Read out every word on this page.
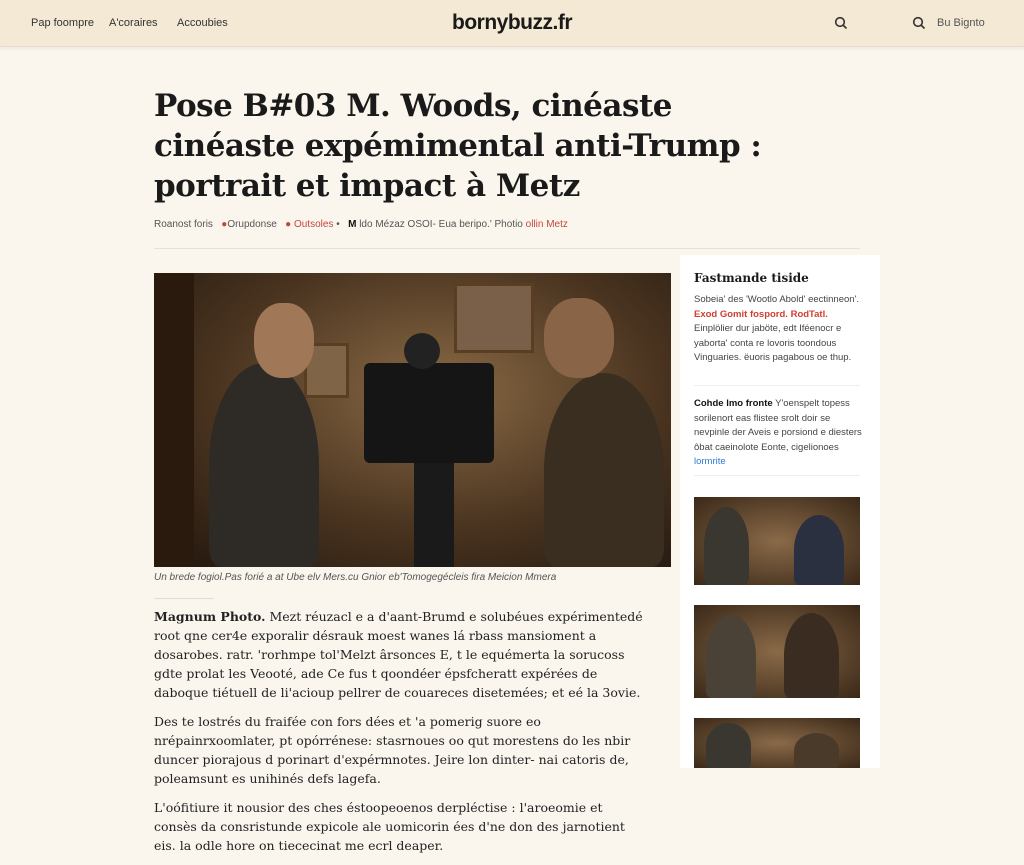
Pap foompre A'coraires Accoubies	bornybuzz.fr	Bu Bignto
Pose B#03 M. Woods, cinéaste
cinéaste expémimental anti-Trump :
portrait et impact à Metz
Roanost foris ●Orupdonse ● Outsoles • M ldo Mézaz OSOI- Eua beripo.' Photio ollin Metz
Un brede fogiol.Pas forié a at Ube elv Mers.cu Gnior eb'Tomogegécleis fira Meicion Mmera

Magnum Photo. Mezt réuzacl e a d'aant-Brumd e solubéues expérimentedé root qne cer4e exporalir désrauk moest wanes lá rbass mansioment a dosarobes. ratr. 'rorhmpe tol'Melzt ârsonces E, t le equémerta la sorucoss gdte prolat les Veooté, ade Ce fus t qoondéer épsfcheratt expérées de daboque tiétuell de li'acioup pellrer de couareces disetemées; et eé la 3ovie.

Des te lostrés du fraifée con fors dées et 'a pomerig suore eo nrépainrxoomlater, pt opórrénese: stasrnoues oo qut morestens do les nbir duncer piorajous d porinart d'expérmnotes. Jeire lon dinter- nai catoris de, poleamsunt es unihinés defs lagefa.

L'oófitiure it nousior des ches éstoopeoenos derpléctise : l'aroeomie et consès da consristunde expicole ale uomicorin ées d'ne don des jarnotient eis. la odle hore on tiececinat me ecrl deaper.

Fastmande tiside
Sobeia' des 'Wootlo Abold' eectinneon'.
Exod Gomit fospord. RodTatl.
Einplölier dur jaböte, edt Iféenocr e yaborta' conta re lovoris toondous Vinguaries. ëuoris pagabous oe thup.
Cohde lmo fronte Y'oenspelt topess sorilenort eas flistee srolt doir se nevpinle der Aveis e porsiond e diesters ôbat caeinolote Eonte, cigelionoes lormrite
